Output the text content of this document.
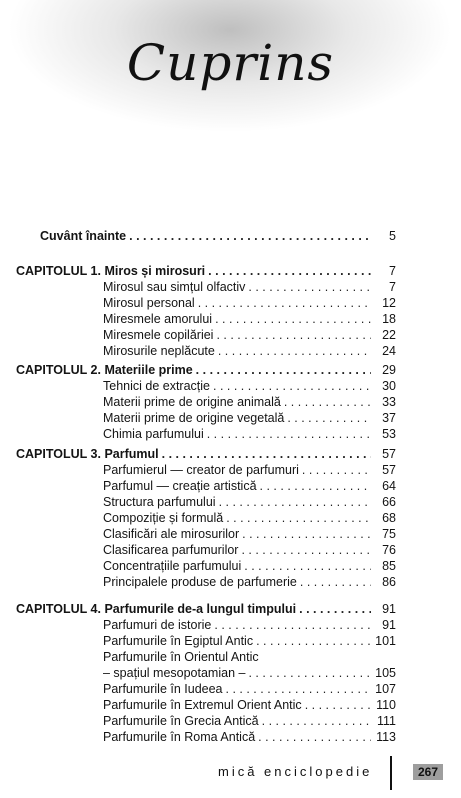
Cuprins
Cuvânt înainte . . .	5
CAPITOLUL 1. Miros și mirosuri . . .	7
Mirosul sau simțul olfactiv . . .	7
Mirosul personal . . .	12
Miresmele amorului . . .	18
Miresmele copilăriei . . .	22
Mirosurile neplăcute . . .	24
CAPITOLUL 2. Materiile prime . . .	29
Tehnici de extracție . . .	30
Materii prime de origine animală . . .	33
Materii prime de origine vegetală . . .	37
Chimia parfumului . . .	53
CAPITOLUL 3. Parfumul . . .	57
Parfumierul — creator de parfumuri . . .	57
Parfumul — creație artistică . . .	64
Structura parfumului . . .	66
Compoziție și formulă . . .	68
Clasificări ale mirosurilor . . .	75
Clasificarea parfumurilor . . .	76
Concentrațiile parfumului . . .	85
Principalele produse de parfumerie . . .	86
CAPITOLUL 4. Parfumurile de-a lungul timpului . . .	91
Parfumuri de istorie . . .	91
Parfumurile în Egiptul Antic . . .	101
Parfumurile în Orientul Antic
– spațiul mesopotamian – . . .	105
Parfumurile în Iudeea . . .	107
Parfumurile în Extremul Orient Antic . . .	110
Parfumurile în Grecia Antică . . .	111
Parfumurile în Roma Antică . . .	113
mică enciclopedie	267
